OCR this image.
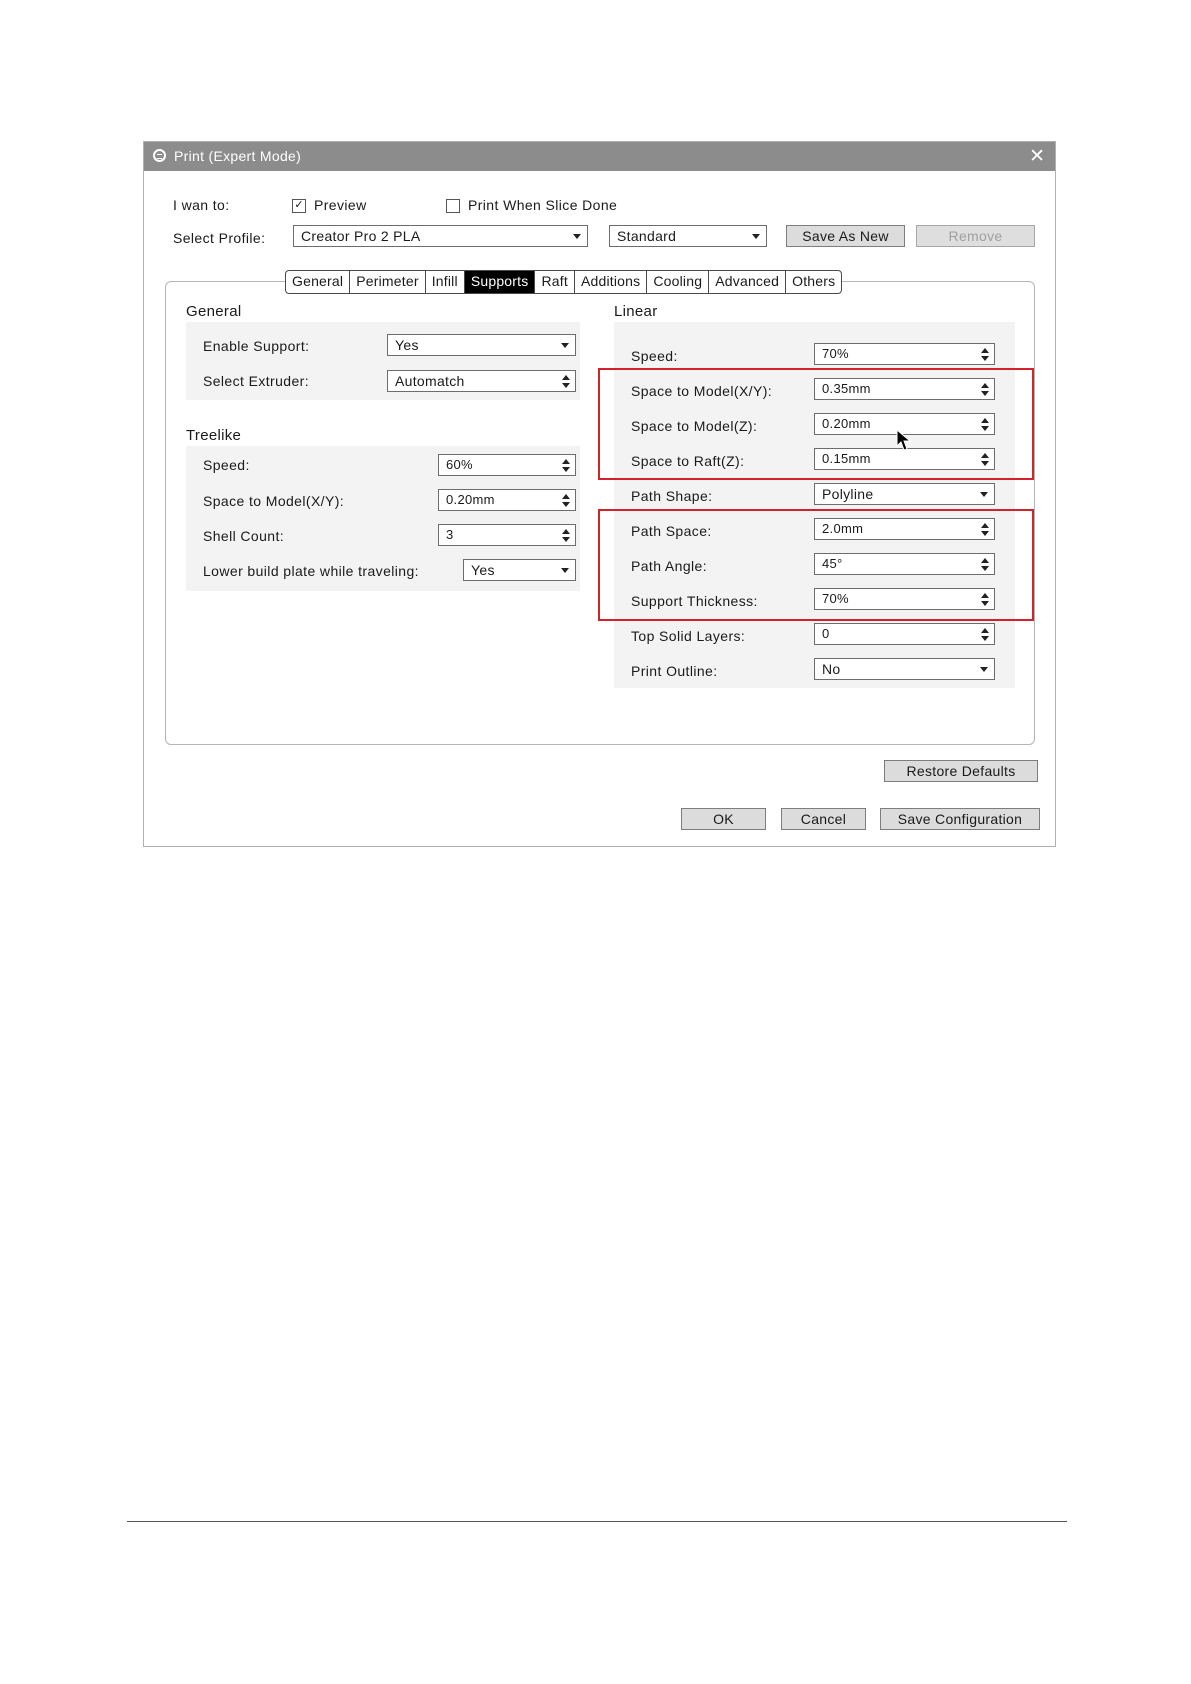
Print (Expert Mode)	✕
I wan to:	✓ Preview	Print When Slice Done
Select Profile:	Creator Pro 2 PLA	Standard	Save As New	Remove
General Perimeter Infill Supports Raft Additions Cooling Advanced Others
General
Enable Support:	Yes
Select Extruder:	Automatch
Treelike
Speed:	60%
Space to Model(X/Y):	0.20mm
Shell Count:	3
Lower build plate while traveling:	Yes
Linear
Speed:	70%
Space to Model(X/Y):	0.35mm
Space to Model(Z):	0.20mm
Space to Raft(Z):	0.15mm
Path Shape:	Polyline
Path Space:	2.0mm
Path Angle:	45°
Support Thickness:	70%
Top Solid Layers:	0
Print Outline:	No
Restore Defaults
OK	Cancel	Save Configuration
